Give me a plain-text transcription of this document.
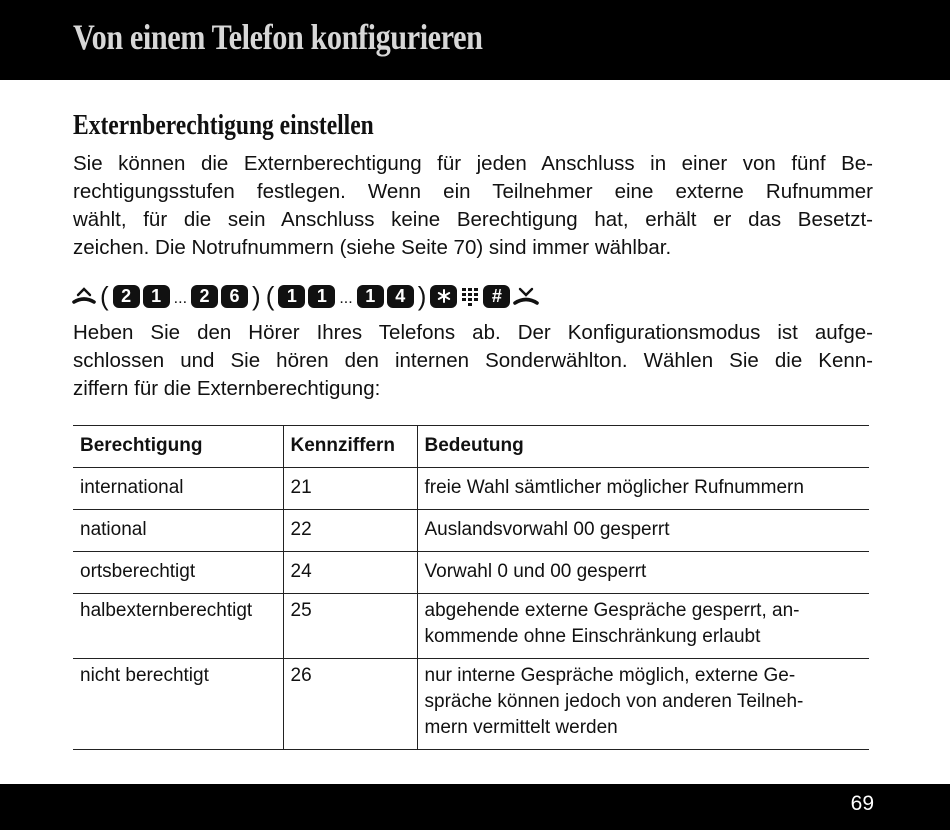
Von einem Telefon konfigurieren
Externberechtigung einstellen
Sie können die Externberechtigung für jeden Anschluss in einer von fünf Be-
rechtigungsstufen festlegen. Wenn ein Teilnehmer eine externe Rufnummer
wählt, für die sein Anschluss keine Berechtigung hat, erhält er das Besetzt-
zeichen. Die Notrufnummern (siehe Seite 70) sind immer wählbar.
( 2	1 ... 2	6 ) ( 1	1 ... 1	4 )	#
Heben Sie den Hörer Ihres Telefons ab. Der Konfigurationsmodus ist aufge-
schlossen und Sie hören den internen Sonderwählton. Wählen Sie die Kenn-
ziffern für die Externberechtigung:
Berechtigung	Kennziffern	Bedeutung
international	21	freie Wahl sämtlicher möglicher Rufnummern

national	22	Auslandsvorwahl 00 gesperrt

ortsberechtigt	24	Vorwahl 0 und 00 gesperrt

halbexternberechtigt	25	abgehende externe Gespräche gesperrt, an-
kommende ohne Einschränkung erlaubt

nicht berechtigt	26	nur interne Gespräche möglich, externe Ge-
spräche können jedoch von anderen Teilneh-
mern vermittelt werden
69
